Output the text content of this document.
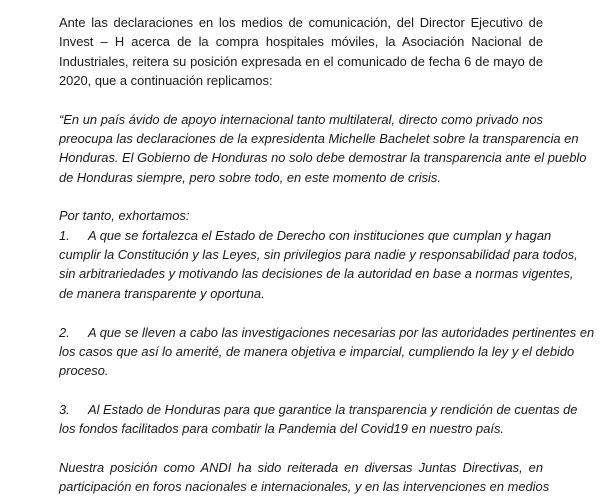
Ante las declaraciones en los medios de comunicación, del Director Ejecutivo de
Invest – H acerca de la compra hospitales móviles, la Asociación Nacional de
Industriales, reitera su posición expresada en el comunicado de fecha 6 de mayo de
2020, que a continuación replicamos:
“En un país ávido de apoyo internacional tanto multilateral, directo como privado nos
preocupa las declaraciones de la expresidenta Michelle Bachelet sobre la transparencia en
Honduras. El Gobierno de Honduras no solo debe demostrar la transparencia ante el pueblo
de Honduras siempre, pero sobre todo, en este momento de crisis.
Por tanto, exhortamos:
1. A que se fortalezca el Estado de Derecho con instituciones que cumplan y hagan
cumplir la Constitución y las Leyes, sin privilegios para nadie y responsabilidad para todos,
sin arbitrariedades y motivando las decisiones de la autoridad en base a normas vigentes,
de manera transparente y oportuna.
2. A que se lleven a cabo las investigaciones necesarias por las autoridades pertinentes en
los casos que así lo amerité, de manera objetiva e imparcial, cumpliendo la ley y el debido
proceso.
3. Al Estado de Honduras para que garantice la transparencia y rendición de cuentas de
los fondos facilitados para combatir la Pandemia del Covid19 en nuestro país.
Nuestra posición como ANDI ha sido reiterada en diversas Juntas Directivas, en
participación en foros nacionales e internacionales, y en las intervenciones en medios
